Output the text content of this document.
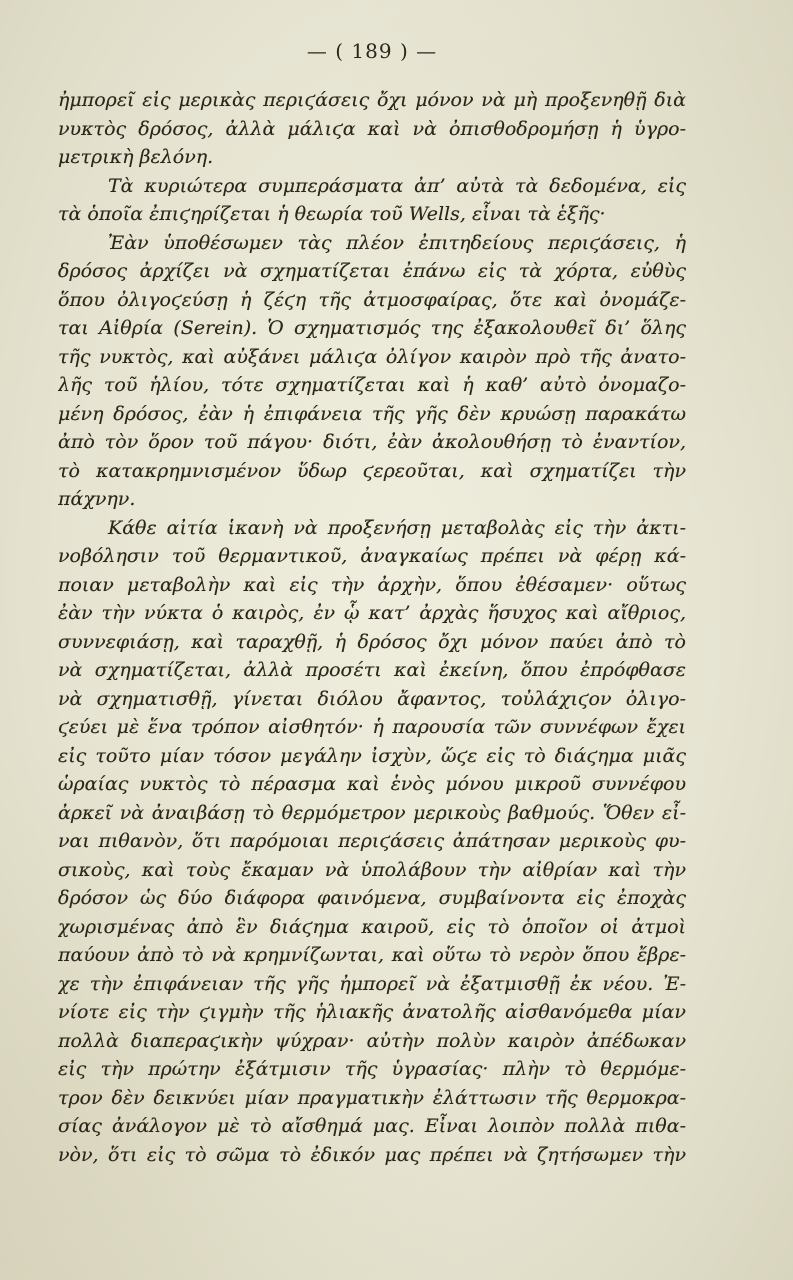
— ( 189 ) —
ἠμπορεῖ εἰς μερικὰς περιϛάσεις ὄχι μόνον νὰ μὴ προξενηθῇ διὰ
νυκτὸς δρόσος, ἀλλὰ μάλιϛα καὶ νὰ ὀπισθοδρομήσῃ ἡ ὑγρο-
μετρικὴ βελόνη.
Τὰ κυριώτερα συμπεράσματα ἀπ’ αὐτὰ τὰ δεδομένα, εἰς
τὰ ὁποῖα ἐπιϛηρίζεται ἡ θεωρία τοῦ Wells, εἶναι τὰ ἑξῆς·
Ἐὰν ὑποθέσωμεν τὰς πλέον ἐπιτηδείους περιϛάσεις, ἡ
δρόσος ἀρχίζει νὰ σχηματίζεται ἐπάνω εἰς τὰ χόρτα, εὐθὺς
ὅπου ὀλιγοϛεύσῃ ἡ ζέϛη τῆς ἀτμοσφαίρας, ὅτε καὶ ὀνομάζε-
ται Αἰθρία (Serein). Ὁ σχηματισμός της ἐξακολουθεῖ δι’ ὅλης
τῆς νυκτὸς, καὶ αὐξάνει μάλιϛα ὀλίγον καιρὸν πρὸ τῆς ἀνατο-
λῆς τοῦ ἡλίου, τότε σχηματίζεται καὶ ἡ καθ’ αὐτὸ ὀνομαζο-
μένη δρόσος, ἐὰν ἡ ἐπιφάνεια τῆς γῆς δὲν κρυώσῃ παρακάτω
ἀπὸ τὸν ὅρον τοῦ πάγου· διότι, ἐὰν ἀκολουθήσῃ τὸ ἐναντίον,
τὸ κατακρημνισμένον ὕδωρ ϛερεοῦται, καὶ σχηματίζει τὴν
πάχνην.
Κάθε αἰτία ἱκανὴ νὰ προξενήσῃ μεταβολὰς εἰς τὴν ἀκτι-
νοβόλησιν τοῦ θερμαντικοῦ, ἀναγκαίως πρέπει νὰ φέρῃ κά-
ποιαν μεταβολὴν καὶ εἰς τὴν ἀρχὴν, ὅπου ἐθέσαμεν· οὕτως
ἐὰν τὴν νύκτα ὁ καιρὸς, ἐν ᾧ κατ’ ἀρχὰς ἥσυχος καὶ αἴθριος,
συννεφιάσῃ, καὶ ταραχθῇ, ἡ δρόσος ὄχι μόνον παύει ἀπὸ τὸ
νὰ σχηματίζεται, ἀλλὰ προσέτι καὶ ἐκείνη, ὅπου ἐπρόφθασε
νὰ σχηματισθῇ, γίνεται διόλου ἄφαντος, τοὐλάχιϛον ὀλιγο-
ϛεύει μὲ ἕνα τρόπον αἰσθητόν· ἡ παρουσία τῶν συννέφων ἔχει
εἰς τοῦτο μίαν τόσον μεγάλην ἰσχὺν, ὥϛε εἰς τὸ διάϛημα μιᾶς
ὡραίας νυκτὸς τὸ πέρασμα καὶ ἑνὸς μόνου μικροῦ συννέφου
ἀρκεῖ νὰ ἀναιβάσῃ τὸ θερμόμετρον μερικοὺς βαθμούς. Ὅθεν εἶ-
ναι πιθανὸν, ὅτι παρόμοιαι περιϛάσεις ἀπάτησαν μερικοὺς φυ-
σικοὺς, καὶ τοὺς ἔκαμαν νὰ ὑπολάβουν τὴν αἰθρίαν καὶ τὴν
δρόσον ὡς δύο διάφορα φαινόμενα, συμβαίνοντα εἰς ἐποχὰς
χωρισμένας ἀπὸ ἓν διάϛημα καιροῦ, εἰς τὸ ὁποῖον οἱ ἀτμοὶ
παύουν ἀπὸ τὸ νὰ κρημνίζωνται, καὶ οὕτω τὸ νερὸν ὅπου ἔβρε-
χε τὴν ἐπιφάνειαν τῆς γῆς ἠμπορεῖ νὰ ἐξατμισθῇ ἐκ νέου. Ἐ-
νίοτε εἰς τὴν ϛιγμὴν τῆς ἡλιακῆς ἀνατολῆς αἰσθανόμεθα μίαν
πολλὰ διαπεραϛικὴν ψύχραν· αὐτὴν πολὺν καιρὸν ἀπέδωκαν
εἰς τὴν πρώτην ἐξάτμισιν τῆς ὑγρασίας· πλὴν τὸ θερμόμε-
τρον δὲν δεικνύει μίαν πραγματικὴν ἐλάττωσιν τῆς θερμοκρα-
σίας ἀνάλογον μὲ τὸ αἴσθημά μας. Εἶναι λοιπὸν πολλὰ πιθα-
νὸν, ὅτι εἰς τὸ σῶμα τὸ ἐδικόν μας πρέπει νὰ ζητήσωμεν τὴν
